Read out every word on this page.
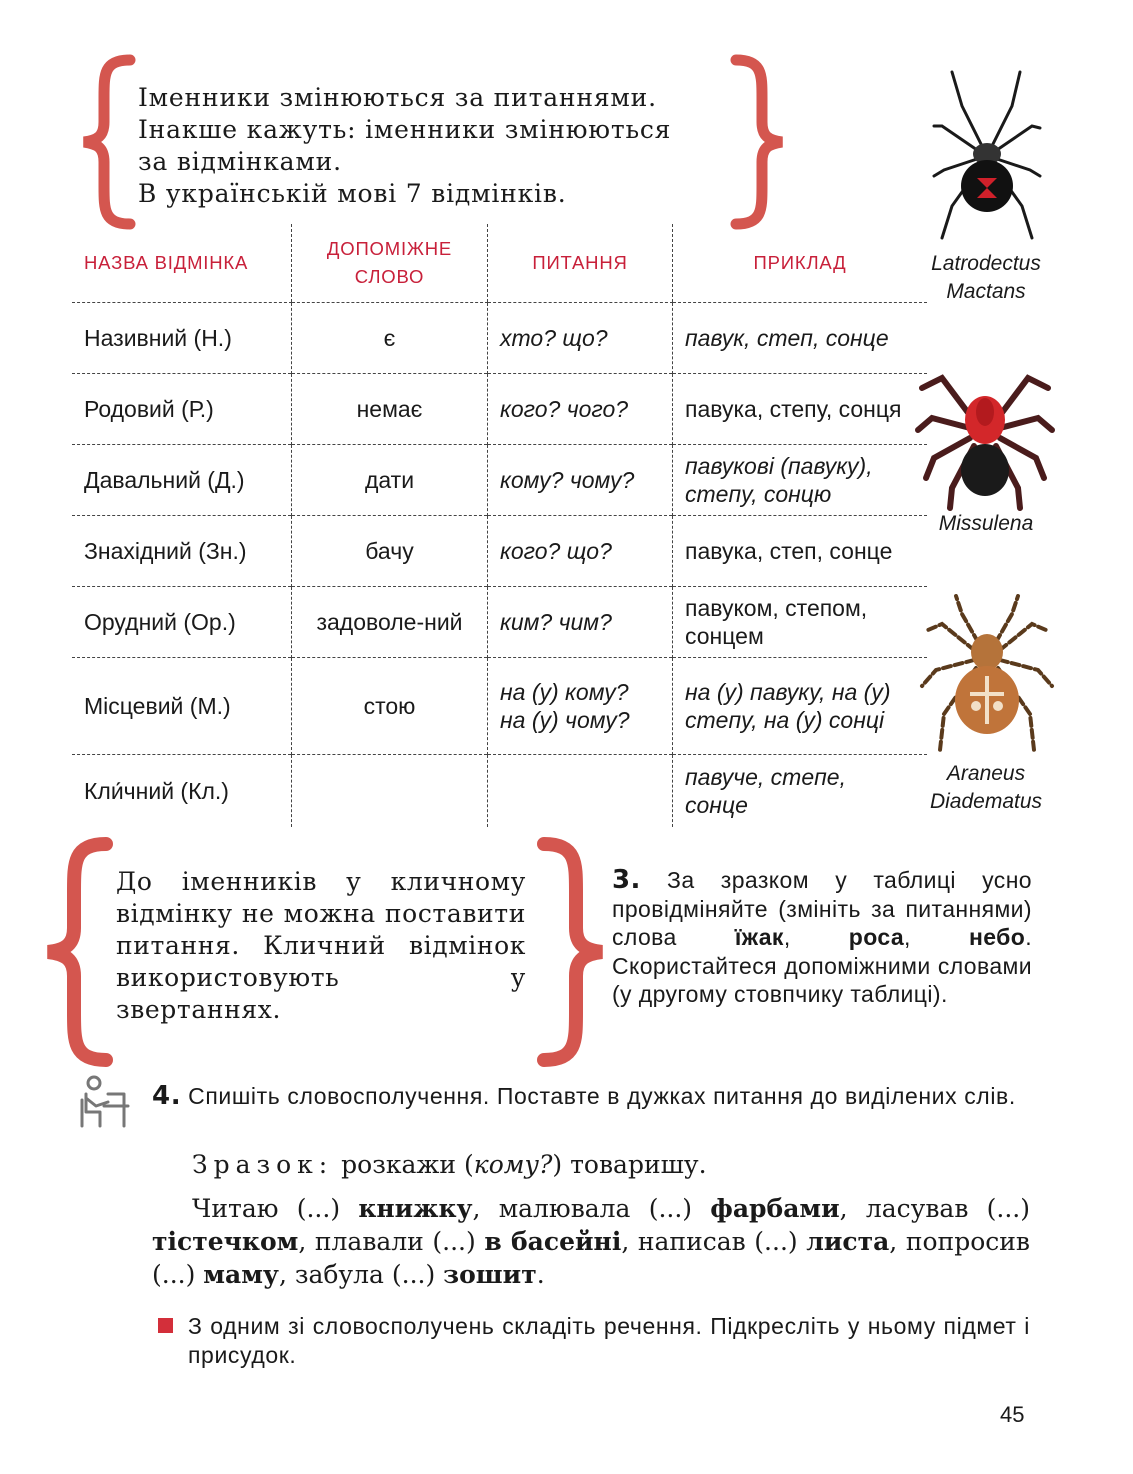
Іменники змінюються за питаннями.
Інакше кажуть: іменники змінюються
за відмінками.
В українській мові 7 відмінків.
НАЗВА ВІДМІНКА	ДОПОМІЖНЕ СЛОВО	ПИТАННЯ	ПРИКЛАД
Називний (Н.)	є	хто? що?	павук, степ, сонце
Родовий (Р.)	немає	кого? чого?	павука, степу, сонця
Давальний (Д.)	дати	кому? чому?	павукові (павуку), степу, сонцю
Знахідний (Зн.)	бачу	кого? що?	павука, степ, сонце
Орудний (Ор.)	задоволе-ний	ким? чим?	павуком, степом, сонцем
Місцевий (М.)	стою	на (у) кому? на (у) чому?	на (у) павуку, на (у) степу, на (у) сонці
Кли́чний (Кл.)			павуче, степе, сонце
Latrodectus
Mactans
Missulena
Araneus
Diadematus
До іменників у кличному відмінку не можна поставити питання. Кличний відмінок використовують у звертаннях.
3. За зразком у таблиці усно провідміняйте (змініть за питаннями) слова їжак, роса, небо. Скористайтеся допоміжними словами (у другому стовпчику таблиці).
4. Спишіть словосполучення. Поставте в дужках питання до виділених слів.
Зразок: розкажи (кому?) товаришу.
Читаю (...) книжку, малювала (...) фарбами, ласував (...) тістечком, плавали (...) в басейні, написав (...) листа, попросив (...) маму, забула (...) зошит.
З одним зі словосполучень складіть речення. Підкресліть у ньому підмет і присудок.
45
